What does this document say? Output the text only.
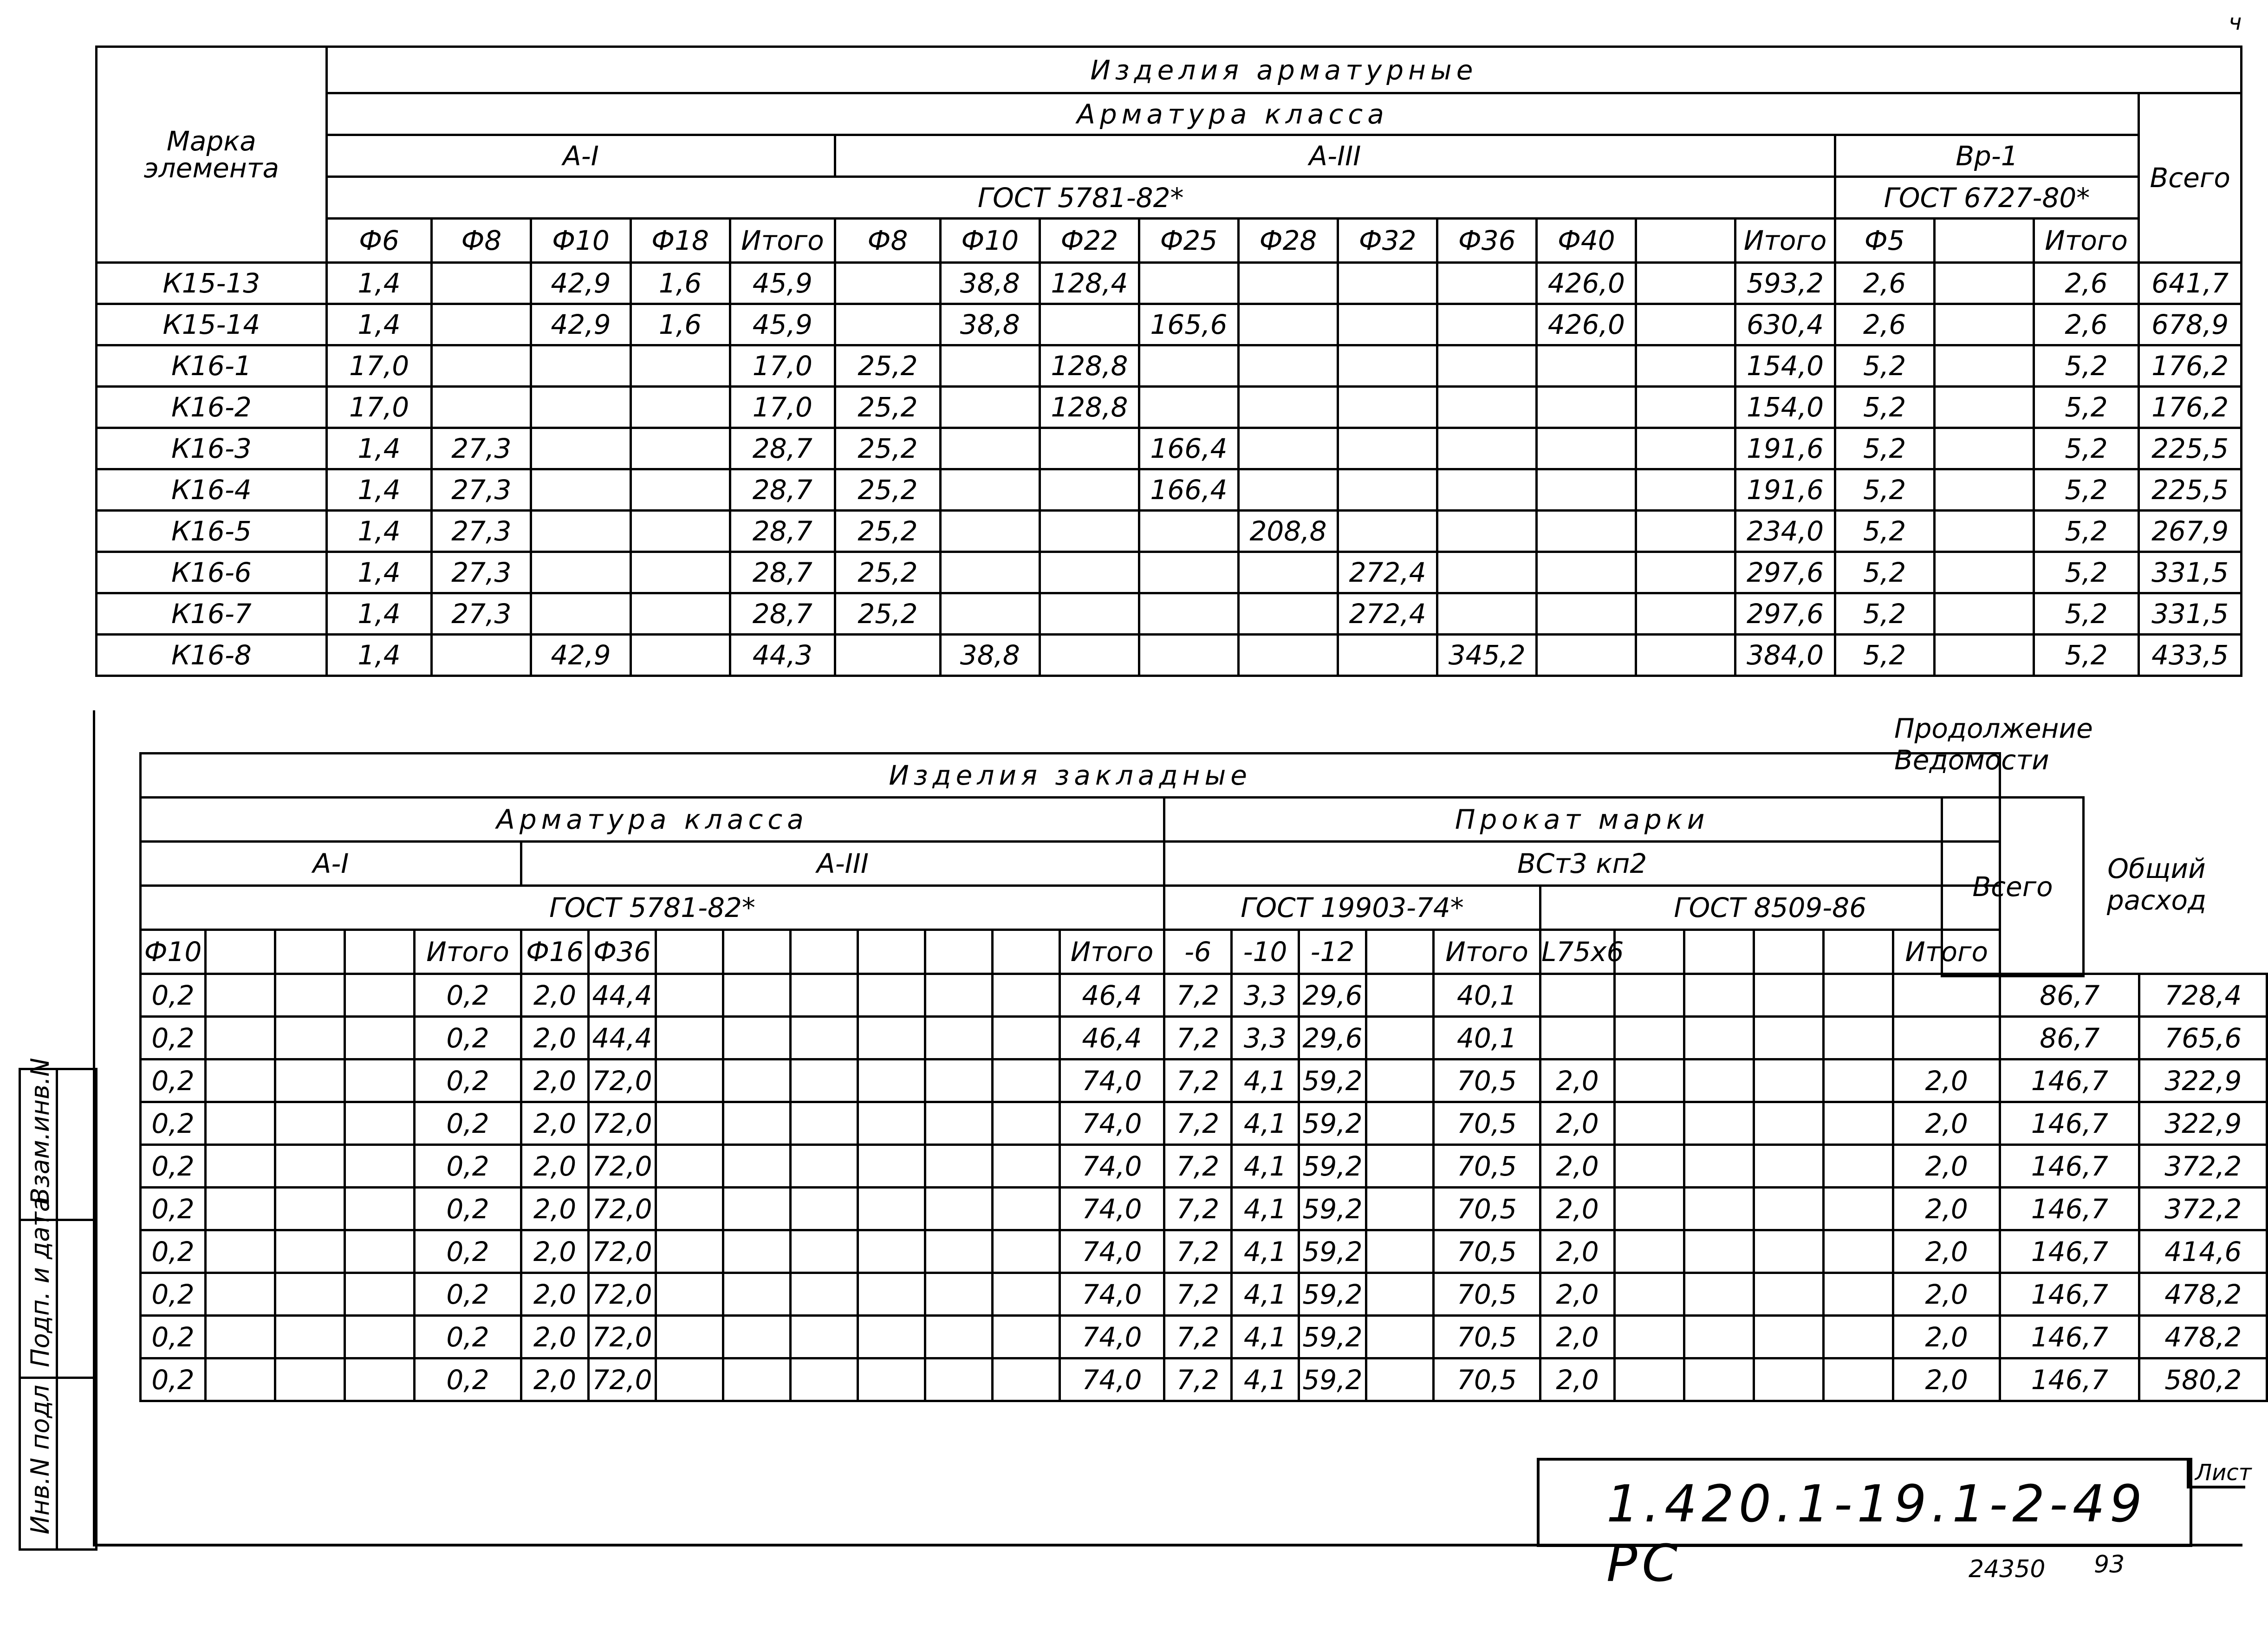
ч
Марка элемента	Изделия арматурные																		
	Арматура класса																		Всего
	А-I					А-III										Вр-1			
	ГОСТ 5781-82*															ГОСТ 6727-80*			
	Ф6	Ф8	Ф10	Ф18	Итого	Ф8	Ф10	Ф22	Ф25	Ф28	Ф32	Ф36	Ф40		Итого	Ф5		Итого	
К15-13	1,4		42,9	1,6	45,9		38,8	128,4					426,0		593,2	2,6		2,6	641,7
К15-14	1,4		42,9	1,6	45,9		38,8		165,6				426,0		630,4	2,6		2,6	678,9
К16-1	17,0				17,0	25,2		128,8							154,0	5,2		5,2	176,2
К16-2	17,0				17,0	25,2		128,8							154,0	5,2		5,2	176,2
К16-3	1,4	27,3			28,7	25,2			166,4						191,6	5,2		5,2	225,5
К16-4	1,4	27,3			28,7	25,2			166,4						191,6	5,2		5,2	225,5
К16-5	1,4	27,3			28,7	25,2				208,8					234,0	5,2		5,2	267,9
К16-6	1,4	27,3			28,7	25,2					272,4				297,6	5,2		5,2	331,5
К16-7	1,4	27,3			28,7	25,2					272,4				297,6	5,2		5,2	331,5
К16-8	1,4		42,9		44,3		38,8					345,2			384,0	5,2		5,2	433,5
Продолжение Ведомости
Изделия закладные																										
Арматура класса														Прокат марки												
А-I					А-III									ВСт3 кп2												
ГОСТ 5781-82*														ГОСТ 19903-74*					ГОСТ 8509-86							
Ф10				Итого	Ф16	Ф36							Итого	-6	-10	-12		Итого	L75x6					Итого		
0,2				0,2	2,0	44,4							46,4	7,2	3,3	29,6		40,1							86,7	728,4
0,2				0,2	2,0	44,4							46,4	7,2	3,3	29,6		40,1							86,7	765,6
0,2				0,2	2,0	72,0							74,0	7,2	4,1	59,2		70,5	2,0					2,0	146,7	322,9
0,2				0,2	2,0	72,0							74,0	7,2	4,1	59,2		70,5	2,0					2,0	146,7	322,9
0,2				0,2	2,0	72,0							74,0	7,2	4,1	59,2		70,5	2,0					2,0	146,7	372,2
0,2				0,2	2,0	72,0							74,0	7,2	4,1	59,2		70,5	2,0					2,0	146,7	372,2
0,2				0,2	2,0	72,0							74,0	7,2	4,1	59,2		70,5	2,0					2,0	146,7	414,6
0,2				0,2	2,0	72,0							74,0	7,2	4,1	59,2		70,5	2,0					2,0	146,7	478,2
0,2				0,2	2,0	72,0							74,0	7,2	4,1	59,2		70,5	2,0					2,0	146,7	478,2
0,2				0,2	2,0	72,0							74,0	7,2	4,1	59,2		70,5	2,0					2,0	146,7	580,2
Всего
Общий расход
Взам.инв.N
Подп. и дата
Инв.N подл	1.420.1-19.1-2-49 РС
Лист
24350 93
